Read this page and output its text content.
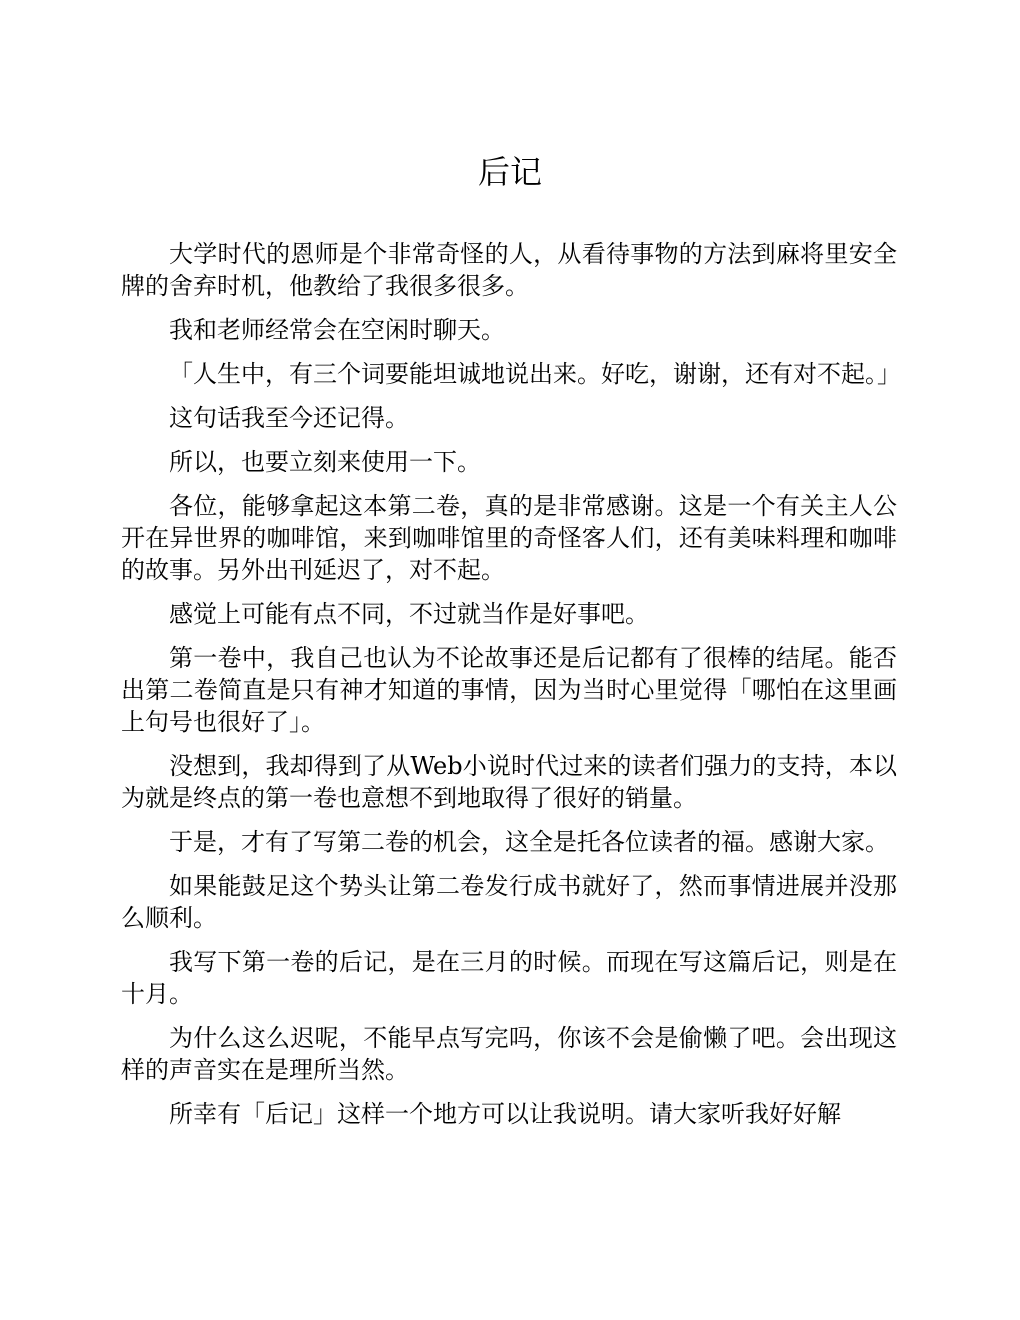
后记

大学时代的恩师是个非常奇怪的人，从看待事物的方法到麻将里安全牌的舍弃时机，他教给了我很多很多。

我和老师经常会在空闲时聊天。

「人生中，有三个词要能坦诚地说出来。好吃，谢谢，还有对不起。」

这句话我至今还记得。

所以，也要立刻来使用一下。

各位，能够拿起这本第二卷，真的是非常感谢。这是一个有关主人公开在异世界的咖啡馆，来到咖啡馆里的奇怪客人们，还有美味料理和咖啡的故事。另外出刊延迟了，对不起。

感觉上可能有点不同，不过就当作是好事吧。

第一卷中，我自己也认为不论故事还是后记都有了很棒的结尾。能否出第二卷简直是只有神才知道的事情，因为当时心里觉得「哪怕在这里画上句号也很好了」。

没想到，我却得到了从Web小说时代过来的读者们强力的支持，本以为就是终点的第一卷也意想不到地取得了很好的销量。

于是，才有了写第二卷的机会，这全是托各位读者的福。感谢大家。

如果能鼓足这个势头让第二卷发行成书就好了，然而事情进展并没那么顺利。

我写下第一卷的后记，是在三月的时候。而现在写这篇后记，则是在十月。

为什么这么迟呢，不能早点写完吗，你该不会是偷懒了吧。会出现这样的声音实在是理所当然。

所幸有「后记」这样一个地方可以让我说明。请大家听我好好解
